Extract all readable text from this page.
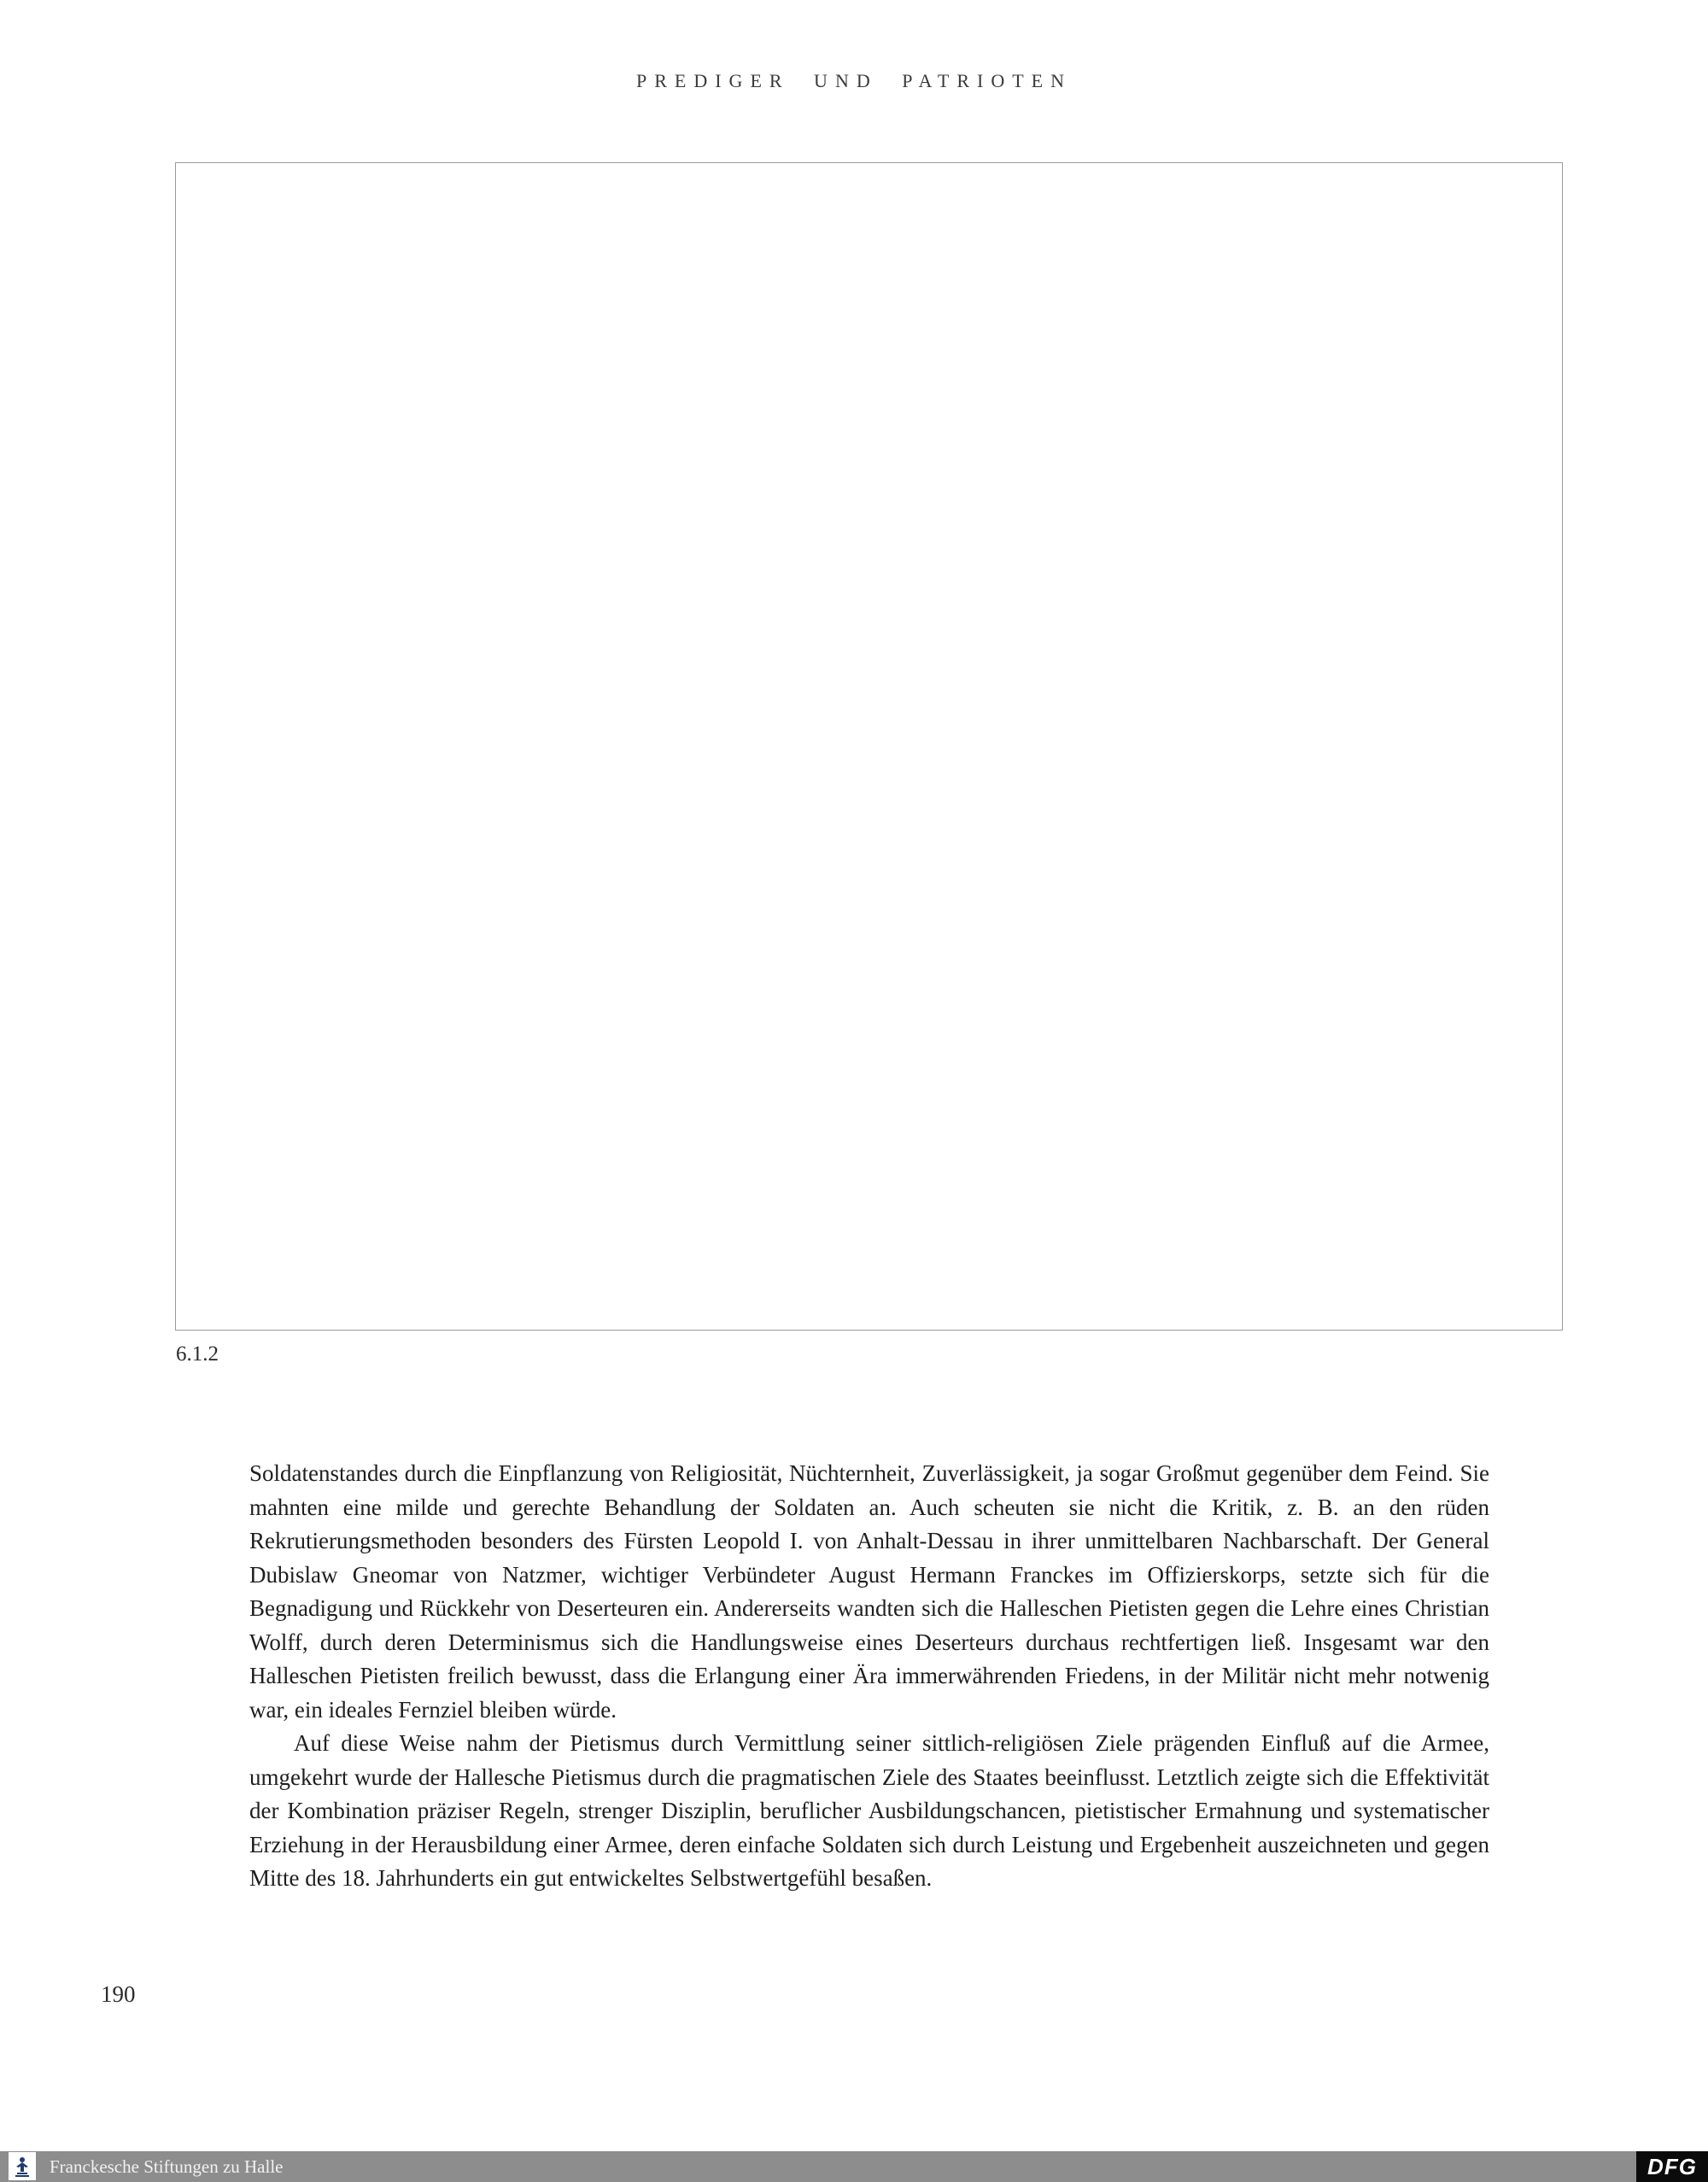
PREDIGER UND PATRIOTEN
6.1.2

Soldatenstandes durch die Einpflanzung von Religiosität, Nüchternheit, Zuverlässigkeit, ja sogar Großmut gegenüber dem Feind. Sie mahnten eine milde und gerechte Behandlung der Soldaten an. Auch scheuten sie nicht die Kritik, z. B. an den rüden Rekrutierungsmethoden besonders des Fürsten Leopold I. von Anhalt-Dessau in ihrer unmittelbaren Nachbarschaft. Der General Dubislaw Gneomar von Natzmer, wichtiger Verbündeter August Hermann Franckes im Offizierskorps, setzte sich für die Begnadigung und Rückkehr von Deserteuren ein. Andererseits wandten sich die Halleschen Pietisten gegen die Lehre eines Christian Wolff, durch deren Determinismus sich die Handlungsweise eines Deserteurs durchaus rechtfertigen ließ. Insgesamt war den Halleschen Pietisten freilich bewusst, dass die Erlangung einer Ära immerwährenden Friedens, in der Militär nicht mehr notwenig war, ein ideales Fernziel bleiben würde.

Auf diese Weise nahm der Pietismus durch Vermittlung seiner sittlich-religiösen Ziele prägenden Einfluß auf die Armee, umgekehrt wurde der Hallesche Pietismus durch die pragmatischen Ziele des Staates beeinflusst. Letztlich zeigte sich die Effektivität der Kombination präziser Regeln, strenger Disziplin, beruflicher Ausbildungschancen, pietistischer Ermahnung und systematischer Erziehung in der Herausbildung einer Armee, deren einfache Soldaten sich durch Leistung und Ergebenheit auszeichneten und gegen Mitte des 18. Jahrhunderts ein gut entwickeltes Selbstwertgefühl besaßen.

190
Franckesche Stiftungen zu Halle	DFG
